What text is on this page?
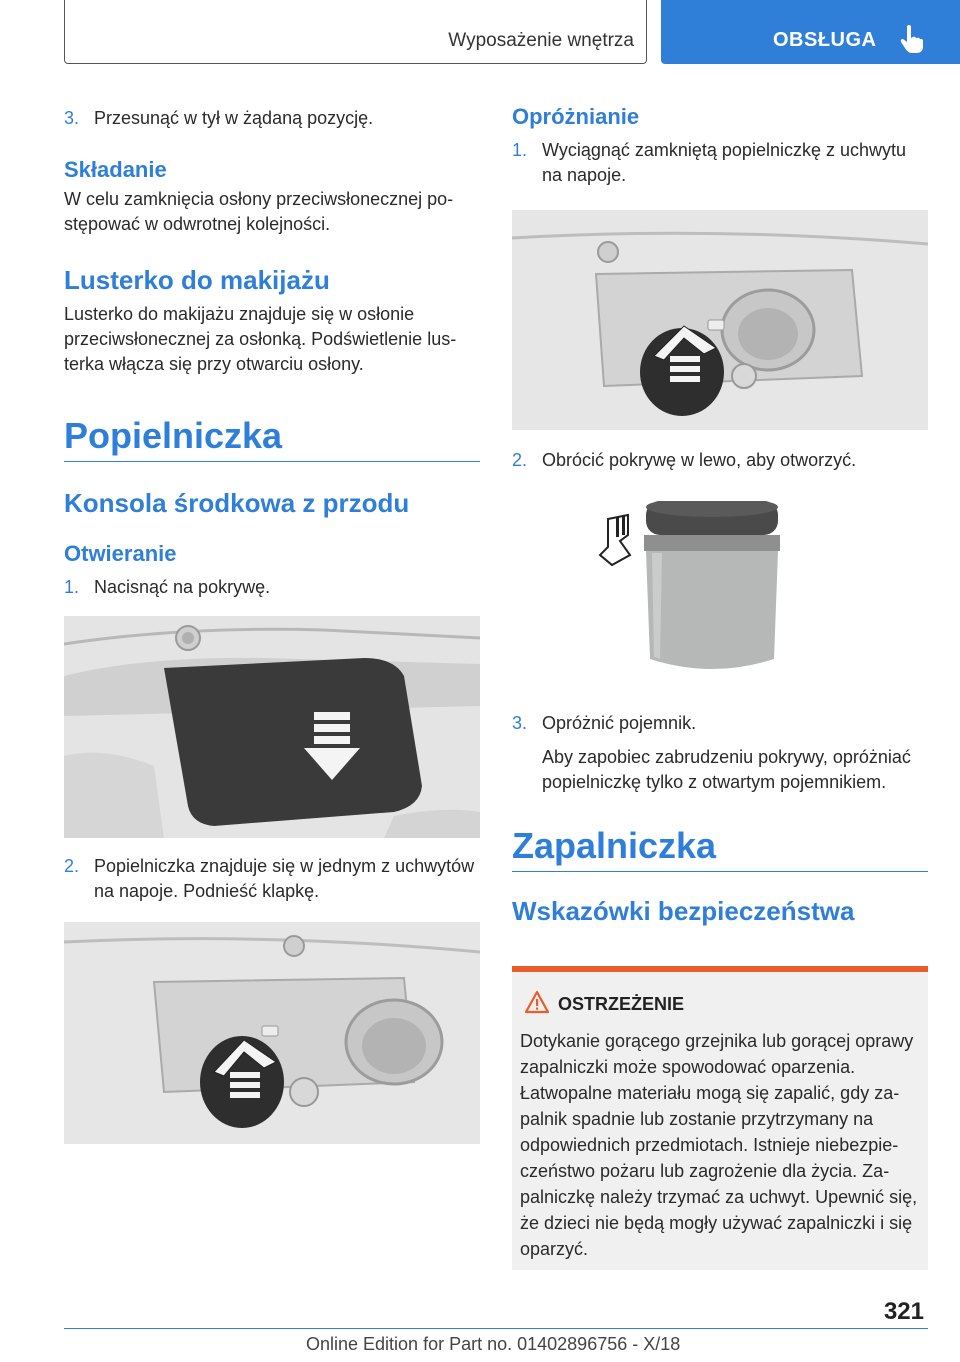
Wyposażenie wnętrza	OBSŁUGA
3. Przesunąć w tył w żądaną pozycję.
Składanie

W celu zamknięcia osłony przeciwsłonecznej postępować w odwrotnej kolejności.

Lusterko do makijażu

Lusterko do makijażu znajduje się w osłonie przeciwsłonecznej za osłonką. Podświetlenie lusterka włącza się przy otwarciu osłony.

Popielniczka
Konsola środkowa z przodu
Otwieranie
1. Nacisnąć na pokrywę.
2. Popielniczka znajduje się w jednym z uchwytów na napoje. Podnieść klapkę.
Opróżnianie
1. Wyciągnąć zamkniętą popielniczkę z uchwytu na napoje.
2. Obrócić pokrywę w lewo, aby otworzyć.
3. Opróżnić pojemnik.

Aby zapobiec zabrudzeniu pokrywy, opróżniać popielniczkę tylko z otwartym pojemnikiem.

Zapalniczka
Wskazówki bezpieczeństwa
OSTRZEŻENIE
Dotykanie gorącego grzejnika lub gorącej oprawy zapalniczki może spowodować oparzenia. Łatwopalne materiału mogą się zapalić, gdy zapalnik spadnie lub zostanie przytrzymany na odpowiednich przedmiotach. Istnieje niebezpieczeństwo pożaru lub zagrożenie dla życia. Zapalniczkę należy trzymać za uchwyt. Upewnić się, że dzieci nie będą mogły używać zapalniczki i się oparzyć.
321
Online Edition for Part no. 01402896756 - X/18
